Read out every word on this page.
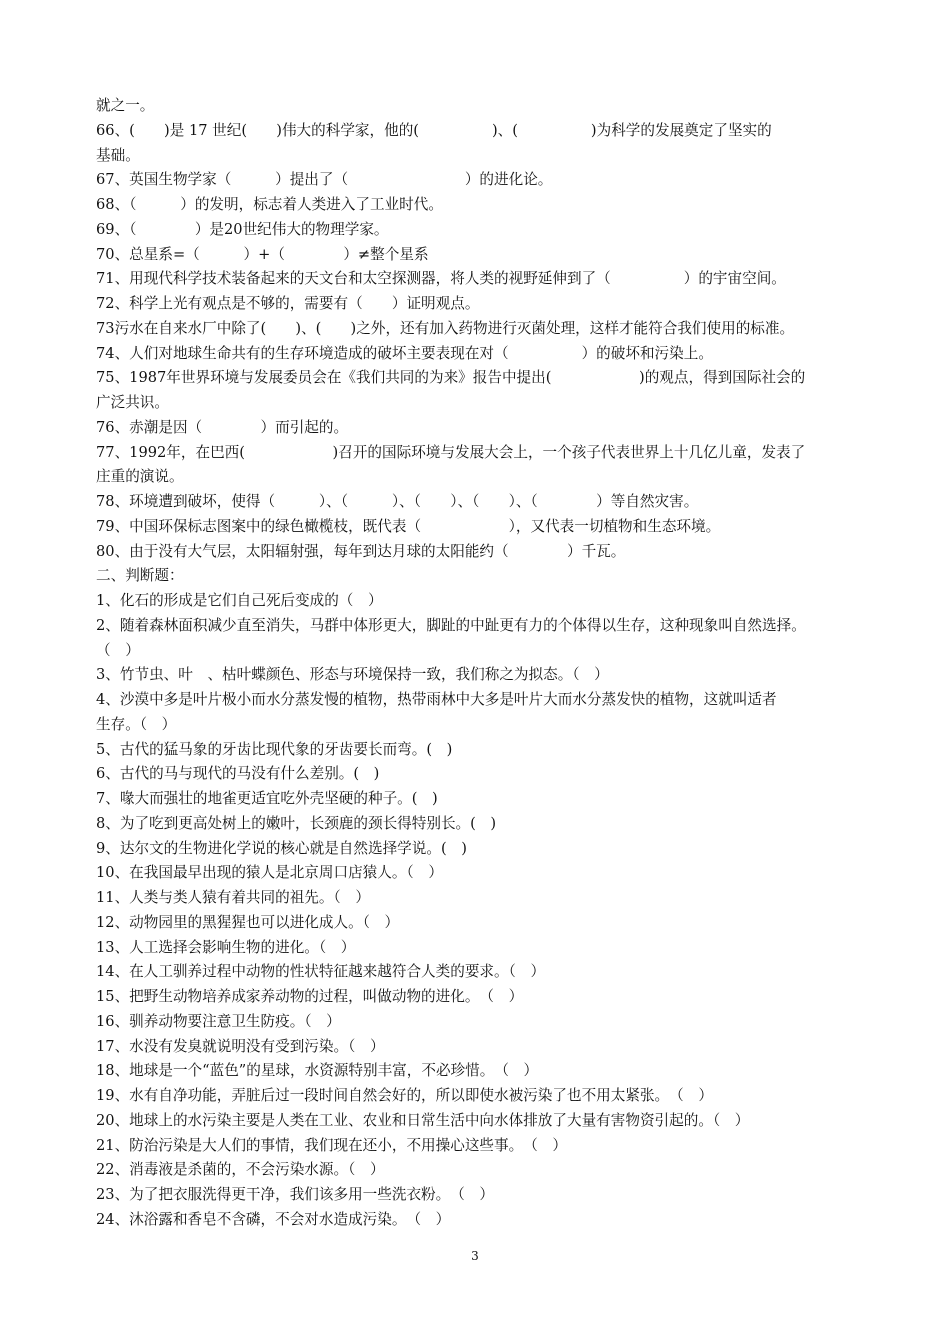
就之一。
66、(　　)是 17 世纪(　　)伟大的科学家，他的(　　　　　)、(　　　　　)为科学的发展奠定了坚实的
基础。
67、英国生物学家（　　　）提出了（　　　　　　　　）的进化论。
68、（　　　）的发明，标志着人类进入了工业时代。
69、（　　　　）是20世纪伟大的物理学家。
70、总星系=（　　　）+（　　　　）≠整个星系
71、用现代科学技术装备起来的天文台和太空探测器，将人类的视野延伸到了（　　　　　）的宇宙空间。
72、科学上光有观点是不够的，需要有（　　）证明观点。
73污水在自来水厂中除了(　　)、(　　)之外，还有加入药物进行灭菌处理，这样才能符合我们使用的标准。
74、人们对地球生命共有的生存环境造成的破坏主要表现在对（　　　　　）的破坏和污染上。
75、1987年世界环境与发展委员会在《我们共同的为来》报告中提出(　　　　　　)的观点，得到国际社会的
广泛共识。
76、赤潮是因（　　　　）而引起的。
77、1992年，在巴西(　　　　　　)召开的国际环境与发展大会上，一个孩子代表世界上十几亿儿童，发表了
庄重的演说。
78、环境遭到破坏，使得（　　　）、（　　　）、（　　）、（　　）、（　　　　）等自然灾害。
79、中国环保标志图案中的绿色橄榄枝，既代表（　　　　　　），又代表一切植物和生态环境。
80、由于没有大气层，太阳辐射强，每年到达月球的太阳能约（　　　　）千瓦。
二、判断题：
1、化石的形成是它们自己死后变成的（　）
2、随着森林面积减少直至消失，马群中体形更大，脚趾的中趾更有力的个体得以生存，这种现象叫自然选择。
（　）
3、竹节虫、叶　、枯叶蝶颜色、形态与环境保持一致，我们称之为拟态。（　）
4、沙漠中多是叶片极小而水分蒸发慢的植物，热带雨林中大多是叶片大而水分蒸发快的植物，这就叫适者
生存。（　）
5、古代的猛马象的牙齿比现代象的牙齿要长而弯。(　)
6、古代的马与现代的马没有什么差别。(　)
7、喙大而强壮的地雀更适宜吃外壳坚硬的种子。(　)
8、为了吃到更高处树上的嫩叶，长颈鹿的颈长得特别长。(　)
9、达尔文的生物进化学说的核心就是自然选择学说。(　)
10、在我国最早出现的猿人是北京周口店猿人。（　）
11、人类与类人猿有着共同的祖先。（　）
12、动物园里的黑猩猩也可以进化成人。（　）
13、人工选择会影响生物的进化。（　）
14、在人工驯养过程中动物的性状特征越来越符合人类的要求。（　）
15、把野生动物培养成家养动物的过程，叫做动物的进化。　（　）
16、驯养动物要注意卫生防疫。（　）
17、水没有发臭就说明没有受到污染。（　）
18、地球是一个“蓝色”的星球，水资源特别丰富，不必珍惜。　（　）
19、水有自净功能，弄脏后过一段时间自然会好的，所以即使水被污染了也不用太紧张。　（　）
20、地球上的水污染主要是人类在工业、农业和日常生活中向水体排放了大量有害物资引起的。（　）
21、防治污染是大人们的事情，我们现在还小，不用操心这些事。　（　）
22、消毒液是杀菌的，不会污染水源。（　）
23、为了把衣服洗得更干净，我们该多用一些洗衣粉。　（　）
24、沐浴露和香皂不含磷，不会对水造成污染。　（　）
3
